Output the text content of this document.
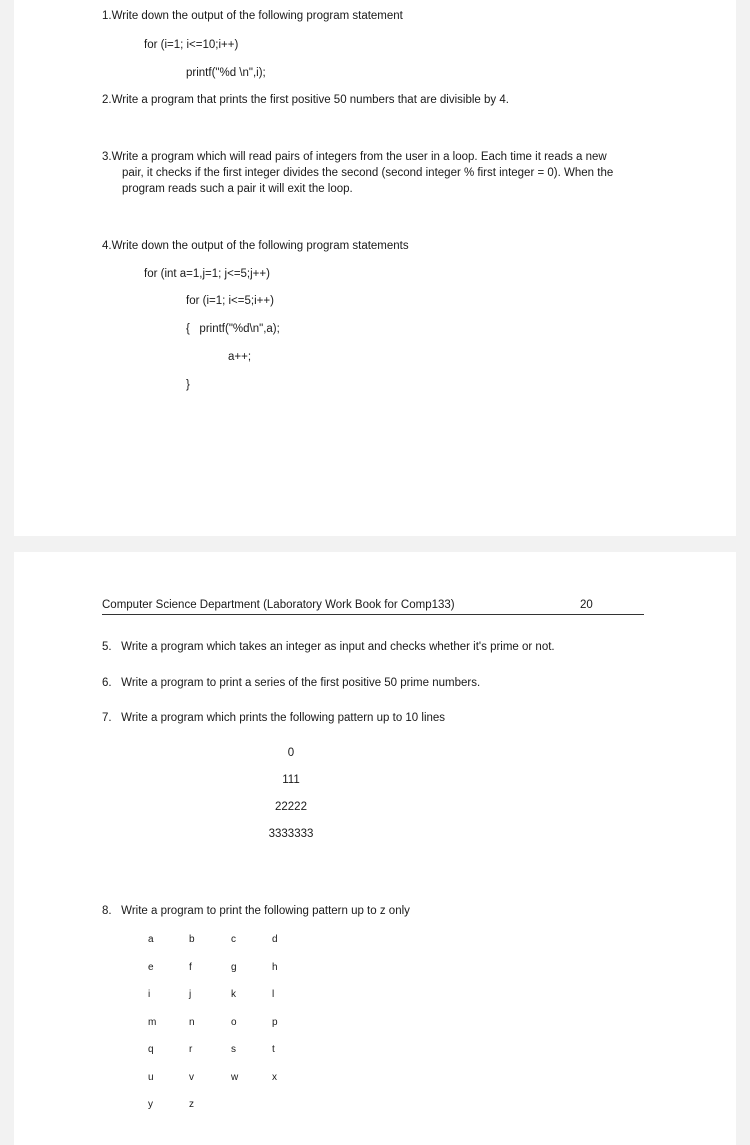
1.Write down the output of the following program statement
for (i=1; i<=10;i++)
printf("%d \n",i);
2.Write a program that prints the first positive 50 numbers that are divisible by 4.
3.Write a program which will read pairs of integers from the user in a loop. Each time it reads a new
pair, it checks if the first integer divides the second (second integer % first integer = 0). When the
program reads such a pair it will exit the loop.
4.Write down the output of the following program statements
for (int a=1,j=1; j<=5;j++)
for (i=1; i<=5;i++)
{   printf("%d\n",a);
a++;
}
Computer Science Department (Laboratory Work Book for Comp133)	20
5.   Write a program which takes an integer as input and checks whether it's prime or not.
6.   Write a program to print a series of the first positive 50 prime numbers.
7.   Write a program which prints the following pattern up to 10 lines
0
111
22222
3333333
8.   Write a program to print the following pattern up to z only
a	b	c	d
e	f	g	h
i	j	k	l
m	n	o	p
q	r	s	t
u	v	w	x
y	z
